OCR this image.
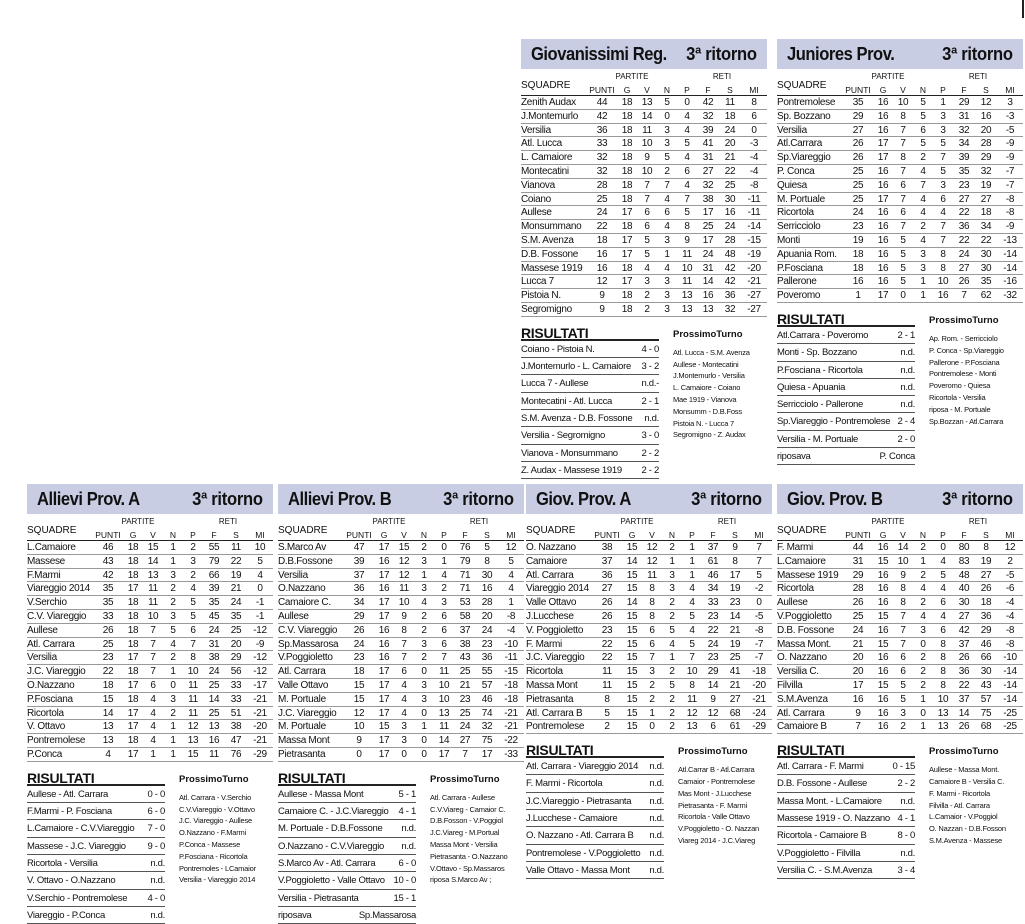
Giovanissimi Reg. 3ª ritorno
PARTITE	RETI
SQUADRE	PUNTI	G	V	N	P	F	S	MI
Zenith Audax	44	18 13	5	0	42	11	8
J.Montemurlo	42	18 14	0	4	32	18	6
Versilia	36	18 11	3	4	39	24	0
Atl. Lucca	33	18 10	3	5	41	20	-3
L. Camaiore	32	18	9	5	4	31	21	-4
Montecatini	32	18 10	2	6	27	22	-4
Vianova	28	18	7	7	4	32	25	-8
Coiano	25	18	7	4	7	38	30	-11
Aullese	24	17	6	6	5	17	16	-11
Monsummano	22	18	6	4	8	25	24	-14
S.M. Avenza	18	17	5	3	9	17	28	-15
D.B. Fossone	16	17	5	1	11	24	48	-19
Massese 1919	16	18	4	4	10	31	42	-20
Lucca 7	12	17	3	3	11	14	42	-21
Pistoia N.	9	18	2	3	13	16	36	-27
Segromigno	9	18	2	3	13	13	32	-27
RISULTATI	ProssimoTurno
Coiano - Pistoia N.	4 - 0
J.Montemurlo - L. Camaiore 3 - 2
Lucca 7 - Aullese	n.d.-
Montecatini - Atl. Lucca	2 - 1
S.M. Avenza - D.B. Fossone n.d.
Versilia - Segromigno	3 - 0
Vianova - Monsummano 2 - 2
Z. Audax - Massese 1919 2 - 2
Atl. Lucca - S.M. Avenza
Aullese - Montecatini
J.Montemurlo - Versilia
L. Camaiore - Coiano
Mae 1919 - Vianova
Monsumm - D.B.Foss
Pistoia N. - Lucca 7
Segromigno - Z. Audax
Juniores Prov.	3ª ritorno
PARTITE	RETI
SQUADRE	PUNTI	G	V	N	P	F	S	MI
Pontremolese	35	16 10	5	1	29	12	3
Sp. Bozzano	29	16	8	5	3	31	16	-3
Versilia	27	16	7	6	3	32	20	-5
Atl.Carrara	26	17	7	5	5	34	28	-9
Sp.Viareggio	26	17	8	2	7	39	29	-9
P. Conca	25	16	7	4	5	35	32	-7
Quiesa	25	16	6	7	3	23	19	-7
M. Portuale	25	17	7	4	6	27	27	-8
Ricortola	24	16	6	4	4	22	18	-8
Serricciolo	23	16	7	2	7	36	34	-9
Monti	19	16	5	4	7	22	22	-13
Apuania Rom.	18	16	5	3	8	24	30	-14
P.Fosciana	18	16	5	3	8	27	30	-14
Pallerone	16	16	5	1	10	26	35	-16
Poveromo	1	17	0	1	16	7	62	-32
RISULTATI	ProssimoTurno
Atl.Carrara - Poveromo	2 - 1
Monti - Sp. Bozzano	n.d.
P.Fosciana - Ricortola	n.d.
Quiesa - Apuania	n.d.
Serricciolo - Pallerone	n.d.
Sp.Viareggio - Pontremolese 2 - 4
Versilia - M. Portuale	2 - 0
riposava	P. Conca
Ap. Rom. - Serricciolo
P. Conca - Sp.Viareggio
Pallerone - P.Fosciana
Pontremolese - Monti
Poveromo - Quiesa
Ricortola - Versilia
riposa - M. Portuale
Sp.Bozzan - Atl.Carrara
Allievi Prov. A	3ª ritorno
PARTITE	RETI
SQUADRE	PUNTI	G	V	N	P	F	S	MI
L.Camaiore	46	18 15	1	2	55	11	10
Massese	43	18 14	1	3	79	22	5
F.Marmi	42	18 13	3	2	66	19	4
Viareggio 2014	35	17 11	2	4	39	21	0
V.Serchio	35	18 11	2	5	35	24	-1
C.V. Viareggio	33	18 10	3	5	45	35	-1
Aullese	26	18	7	5	6	24	25	-12
Atl. Carrara	25	18	7	4	7	31	20	-9
Versilia	23	17	7	2	8	38	29	-12
J.C. Viareggio	22	18	7	1	10	24	56	-12
O.Nazzano	18	17	6	0	11	25	33	-17
P.Fosciana	15	18	4	3	11	14	33	-21
Ricortola	14	17	4	2	11	25	51	-21
V. Ottavo	13	17	4	1	12	13	38	-20
Pontremolese	13	18	4	1	13	16	47	-21
P.Conca	4	17	1	1	15	11	76	-29
RISULTATI	ProssimoTurno
Aullese - Atl. Carrara	0 - 0
F.Marmi - P. Fosciana	6 - 0
L.Camaiore - C.V.Viareggio 7 - 0
Massese - J.C. Viareggio 9 - 0
Ricortola - Versilia	n.d.
V. Ottavo - O.Nazzano	n.d.
V.Serchio - Pontremolese 4 - 0
Viareggio - P.Conca	n.d.
Atl. Carrara - V.Serchio
C.V.Viareggio - V.Ottavo
J.C. Viareggio - Aullese
O.Nazzano - F.Marmi
P.Conca - Massese
P.Fosciana - Ricortola
Pontremoles - LCamaior
Versilia - Viareggio 2014
Allievi Prov. B	3ª ritorno
PARTITE	RETI
SQUADRE	PUNTI	G	V	N	P	F	S	MI
S.Marco Av	47	17 15	2	0	76	5	12
D.B.Fossone	39	16 12	3	1	79	8	5
Versilia	37	17 12	1	4	71	30	4
O.Nazzano	36	16 11	3	2	71	16	4
Camaiore C.	34	17 10	4	3	53	28	1
Aullese	29	17	9	2	6	58	20	-8
C.V. Viareggio	26	16	8	2	6	37	24	-4
Sp.Massarosa	24	16	7	3	6	38	23	-10
V.Poggioletto	23	16	7	2	7	43	36	-11
Atl. Carrara	18	17	6	0	11	25	55	-15
Valle Ottavo	15	17	4	3	10	21	57	-18
M. Portuale	15	17	4	3	10	23	46	-18
J.C. Viareggio	12	17	4	0	13	25	74	-21
M. Portuale	10	15	3	1	11	24	32	-21
Massa Mont	9	17	3	0	14	27	75	-22
Pietrasanta	0	17	0	0	17	7	17	-33
RISULTATI	ProssimoTurno
Aullese - Massa Mont	5 - 1
Camaiore C. - J.C.Viareggio 4 - 1
M. Portuale - D.B.Fossone n.d.
O.Nazzano - C.V.Viareggio n.d.
S.Marco Av - Atl. Carrara 6 - 0
V.Poggioletto - Valle Ottavo 10 - 0
Versilia - Pietrasanta	15 - 1
riposava	Sp.Massarosa
Atl. Carrara - Aullese
C.V.Viareg - Camaior C.
D.B.Fosson - V.Poggiol
J.C.Viareg - M.Portual
Massa Mont - Versilia
Pietrasanta - O.Nazzano
V.Ottavo - Sp.Massaros
riposa S.Marco Av ;
Giov. Prov. A	3ª ritorno
PARTITE	RETI
SQUADRE	PUNTI	G	V	N	P	F	S	MI
O. Nazzano	38	15 12	2	1	37	9	7
Camaiore	37	14 12	1	1	61	8	7
Atl. Carrara	36	15 11	3	1	46	17	5
Viareggio 2014	27	15	8	3	4	34	19	-2
Valle Ottavo	26	14	8	2	4	33	23	0
J.Lucchese	26	15	8	2	5	23	14	-5
V. Poggioletto	23	15	6	5	4	22	21	-8
F. Marmi	22	15	6	4	5	24	19	-7
J.C. Viareggio	22	15	7	1	7	23	25	-7
Ricortola	11	15	3	2	10	29	41	-18
Massa Mont	11	15	2	5	8	14	21	-20
Pietrasanta	8	15	2	2	11	9	27	-21
Atl. Carrara B	5	15	1	2	12	12	68	-24
Pontremolese	2	15	0	2	13	6	61	-29
RISULTATI	ProssimoTurno
Atl. Carrara - Viareggio 2014 n.d.
F. Marmi - Ricortola	n.d.
J.C.Viareggio - Pietrasanta n.d.
J.Lucchese - Camaiore	n.d.
O. Nazzano - Atl. Carrara B n.d.
Pontremolese - V.Poggioletto n.d.
Valle Ottavo - Massa Mont n.d.
Atl.Carrar B - Atl.Carrara
Camaior - Pontremolese
Mas Mont - J.Lucchese
Pietrasanta - F. Marmi
Ricortola - Valle Ottavo
V.Poggioletto - O. Nazzan
Viareg 2014 - J.C.Viareg
Giov. Prov. B	3ª ritorno
PARTITE	RETI
SQUADRE	PUNTI	G	V	N	P	F	S	MI
F. Marmi	44	16 14	2	0	80	8	12
L.Camaiore	31	15 10	1	4	83	19	2
Massese 1919	29	16	9	2	5	48	27	-5
Ricortola	28	16	8	4	4	40	26	-6
Aullese	26	16	8	2	6	30	18	-4
V.Poggioletto	25	15	7	4	4	27	36	-4
D.B. Fossone	24	16	7	3	6	42	29	-8
Massa Mont.	21	15	7	0	8	37	46	-8
O. Nazzano	20	16	6	2	8	26	66	-10
Versilia C.	20	16	6	2	8	36	30	-14
Filvilla	17	15	5	2	8	22	43	-14
S.M.Avenza	16	16	5	1	10	37	57	-14
Atl. Carrara	9	16	3	0	13	14	75	-25
Camaiore B	7	16	2	1	13	26	68	-25
RISULTATI	ProssimoTurno
Atl. Carrara - F. Marmi	0 - 15
D.B. Fossone - Aullese	2 - 2
Massa Mont. - L.Camaiore n.d.
Massese 1919 - O. Nazzano 4 - 1
Ricortola - Camaiore B	8 - 0
V.Poggioletto - Filvilla	n.d.
Versilia C. - S.M.Avenza	3 - 4
Aullese - Massa Mont.
Camaiore B - Versilia C.
F. Marmi - Ricortola
Filvilla - Atl. Carrara
L.Camaior - V.Poggiol
O. Nazzan - D.B.Fosson
S.M.Avenza - Massese
